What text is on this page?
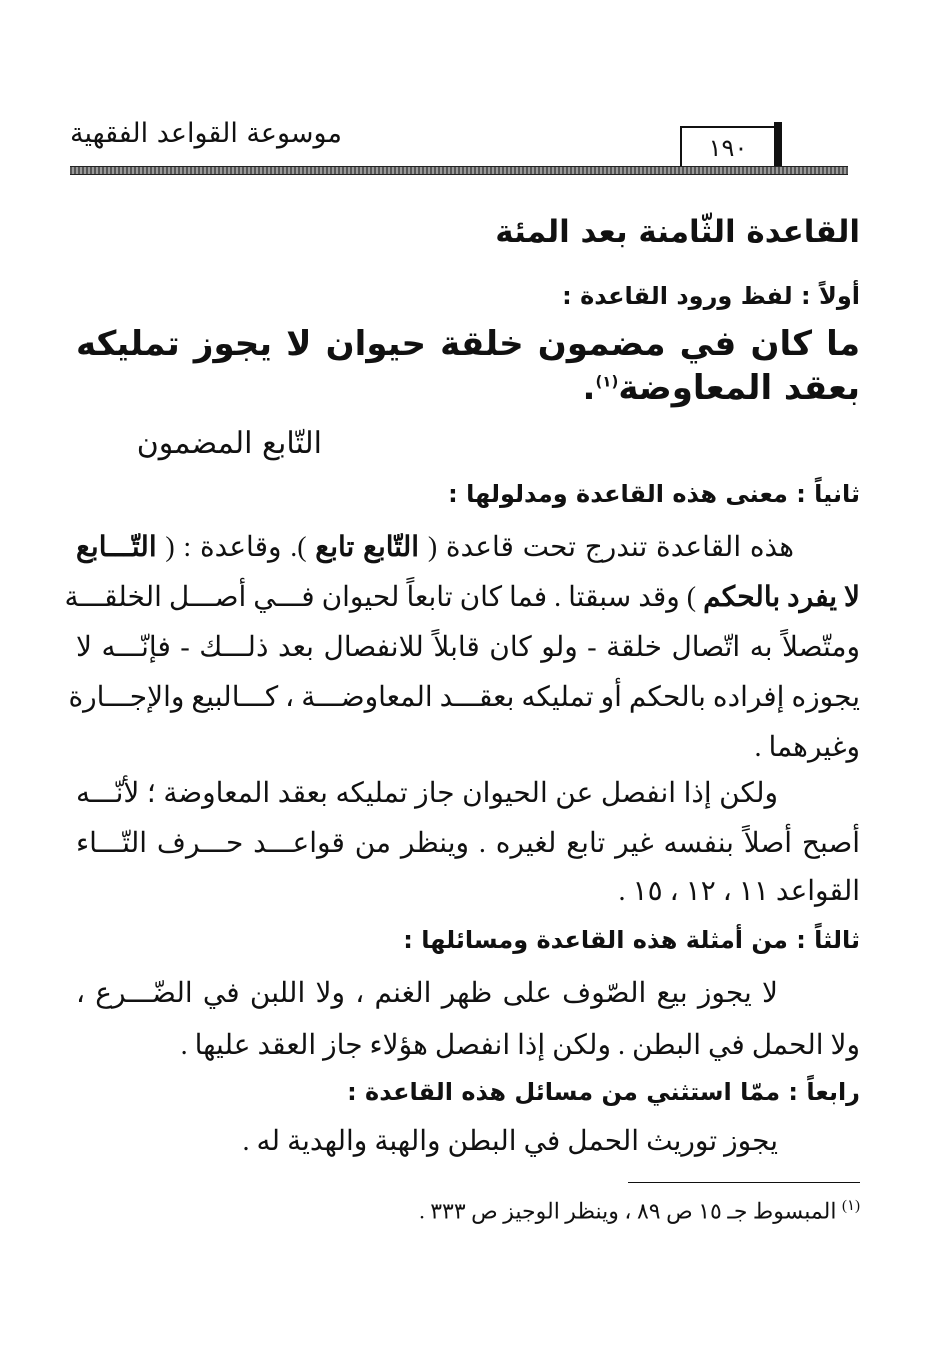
موسوعة القواعد الفقهية	١٩٠
القاعدة الثّامنة بعد المئة
أولاً : لفظ ورود القاعدة :
ما كان في مضمون خلقة حيوان لا يجوز تمليكه
بعقد المعاوضة$^{(١)}$.
التّابع المضمون
ثانياً : معنى هذه القاعدة ومدلولها :
هذه القاعدة تندرج تحت قاعدة ( التّابع تابع ). وقاعدة : ( التّـــابع
لا يفرد بالحكم ) وقد سبقتا . فما كان تابعاً لحيوان فـــي أصـــل الخلقـــة
ومتّصلاً به اتّصال خلقة - ولو كان قابلاً للانفصال بعد ذلـــك - فإنّـــه لا
يجوزه إفراده بالحكم أو تمليكه بعقـــد المعاوضـــة ، كـــالبيع والإجـــارة
وغيرهما .
ولكن إذا انفصل عن الحيوان جاز تمليكه بعقد المعاوضة ؛ لأنّـــه
أصبح أصلاً بنفسه غير تابع لغيره . وينظر من قواعـــد حـــرف التّـــاء
القواعد ١١ ، ١٢ ، ١٥ .
ثالثاً : من أمثلة هذه القاعدة ومسائلها :
لا يجوز بيع الصّوف على ظهر الغنم ، ولا اللبن في الضّـــرع ،
ولا الحمل في البطن . ولكن إذا انفصل هؤلاء جاز العقد عليها .
رابعاً : ممّا استثني من مسائل هذه القاعدة :
يجوز توريث الحمل في البطن والهبة والهدية له .
$^{(١)}$ المبسوط جـ ١٥ ص ٨٩ ، وينظر الوجيز ص ٣٣٣ .
